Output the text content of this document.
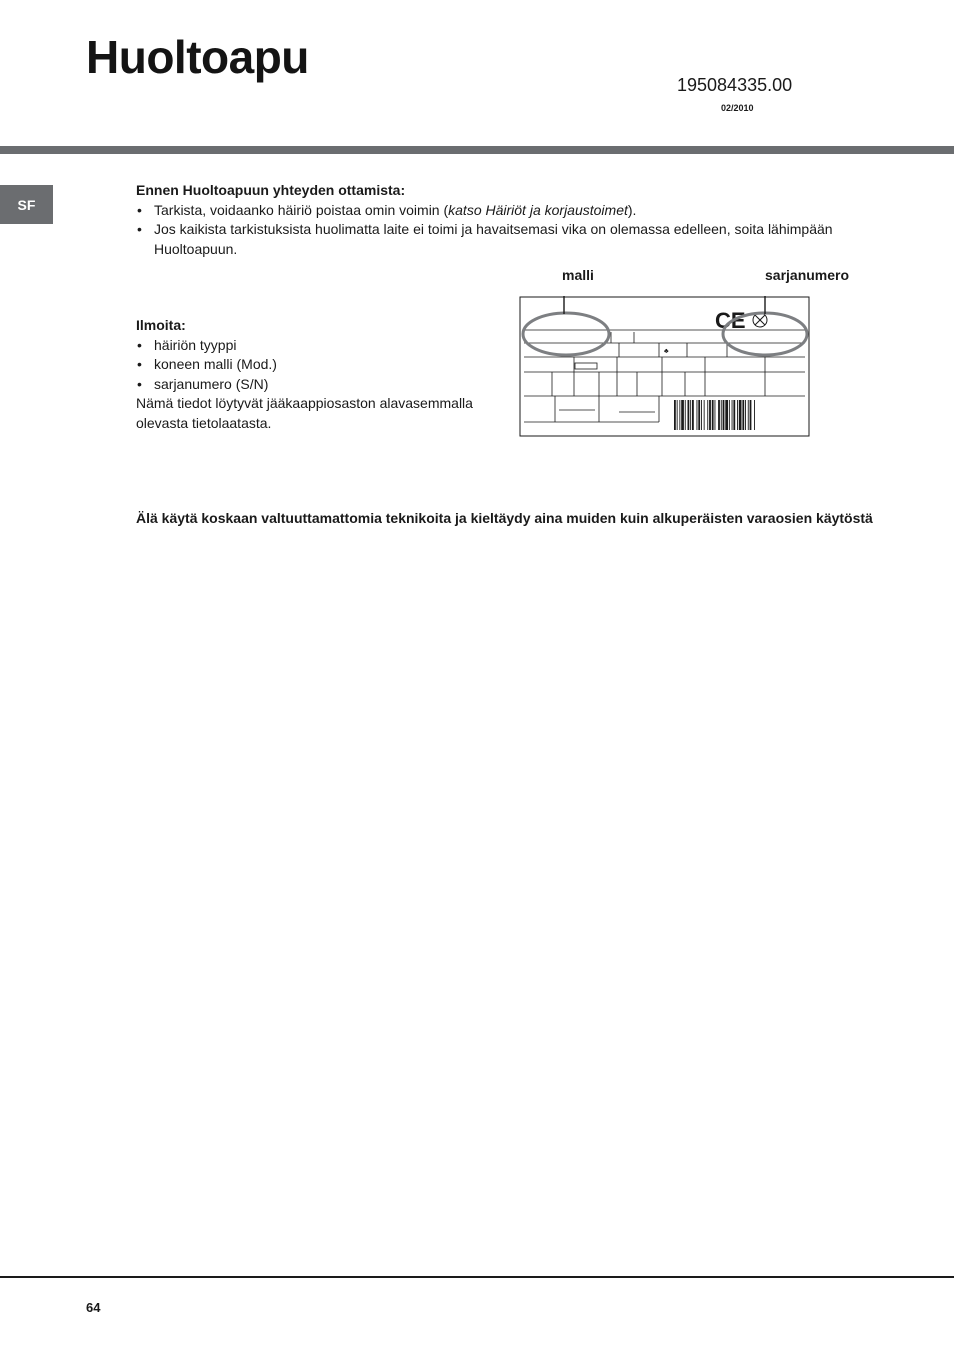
Huoltoapu
195084335.00
02/2010
SF
Ennen Huoltoapuun yhteyden ottamista:
• Tarkista, voidaanko häiriö poistaa omin voimin (katso Häiriöt ja korjaustoimet).
• Jos kaikista tarkistuksista huolimatta laite ei toimi ja havaitsemasi vika on olemassa edelleen, soita lähimpään Huoltoapuun.
Ilmoita:
• häiriön tyyppi
• koneen malli (Mod.)
• sarjanumero (S/N)
Nämä tiedot löytyvät jääkaappiosaston alavasemmalla olevasta tietolaatasta.
malli	sarjanumero
♣
CE
Älä käytä koskaan valtuuttamattomia teknikoita ja kieltäydy aina muiden kuin alkuperäisten varaosien käytöstä
64
